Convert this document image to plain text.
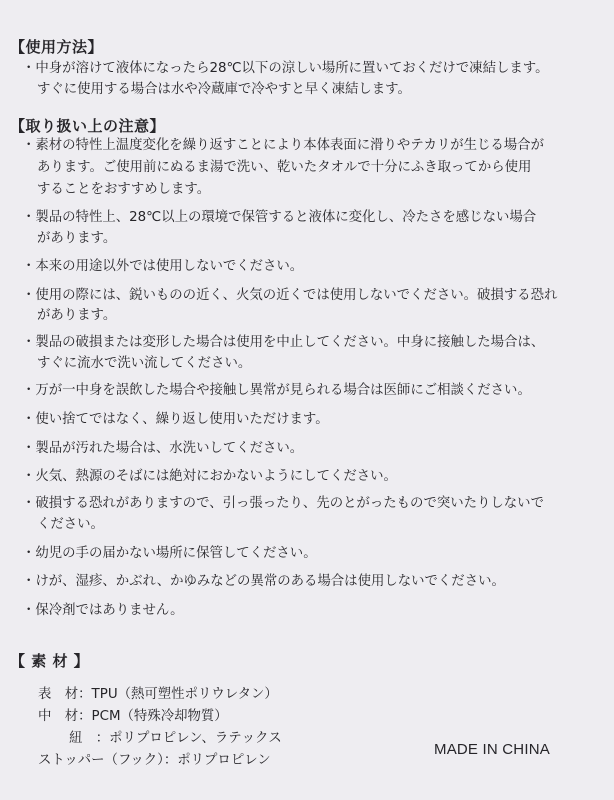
【使用方法】
・中身が溶けて液体になったら28℃以下の涼しい場所に置いておくだけで凍結します。
すぐに使用する場合は水や冷蔵庫で冷やすと早く凍結します。
【取り扱い上の注意】
・素材の特性上温度変化を繰り返すことにより本体表面に滑りやテカリが生じる場合が
あります。ご使用前にぬるま湯で洗い、乾いたタオルで十分にふき取ってから使用
することをおすすめします。
・製品の特性上、28℃以上の環境で保管すると液体に変化し、冷たさを感じない場合
があります。
・本来の用途以外では使用しないでください。
・使用の際には、鋭いものの近く、火気の近くでは使用しないでください。破損する恐れ
があります。
・製品の破損または変形した場合は使用を中止してください。中身に接触した場合は、
すぐに流水で洗い流してください。
・万が一中身を誤飲した場合や接触し異常が見られる場合は医師にご相談ください。
・使い捨てではなく、繰り返し使用いただけます。
・製品が汚れた場合は、水洗いしてください。
・火気、熱源のそばには絶対におかないようにしてください。
・破損する恐れがありますので、引っ張ったり、先のとがったもので突いたりしないで
ください。
・幼児の手の届かない場所に保管してください。
・けが、湿疹、かぶれ、かゆみなどの異常のある場合は使用しないでください。
・保冷剤ではありません。
【 素 材 】
表　材：TPU（熱可塑性ポリウレタン）
中　材：PCM（特殊冷却物質）
紐　：ポリプロピレン、ラテックス
ストッパー（フック）：ポリプロピレン
MADE IN CHINA
